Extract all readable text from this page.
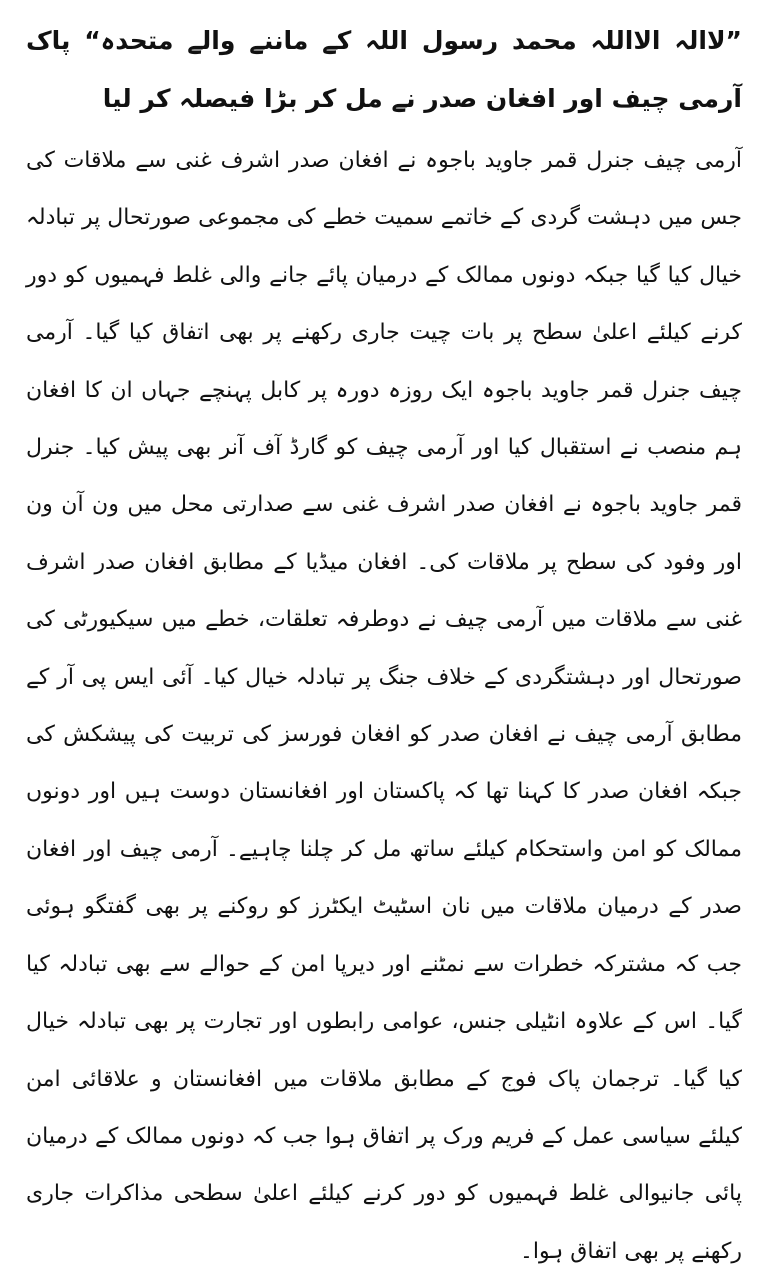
”لاالہ الااللہ محمد رسول اللہ کے ماننے والے متحدہ“ پاک آرمی چیف اور افغان صدر نے مل کر بڑا فیصلہ کر لیا

آرمی چیف جنرل قمر جاوید باجوہ نے افغان صدر اشرف غنی سے ملاقات کی جس میں دہشت گردی کے خاتمے سمیت خطے کی مجموعی صورتحال پر تبادلہ خیال کیا گیا جبکہ دونوں ممالک کے درمیان پائے جانے والی غلط فہمیوں کو دور کرنے کیلئے اعلیٰ سطح پر بات چیت جاری رکھنے پر بھی اتفاق کیا گیا۔ آرمی چیف جنرل قمر جاوید باجوہ ایک روزہ دورہ پر کابل پہنچے جہاں ان کا افغان ہم منصب نے استقبال کیا اور آرمی چیف کو گارڈ آف آنر بھی پیش کیا۔ جنرل قمر جاوید باجوہ نے افغان صدر اشرف غنی سے صدارتی محل میں ون آن ون اور وفود کی سطح پر ملاقات کی۔ افغان میڈیا کے مطابق افغان صدر اشرف غنی سے ملاقات میں آرمی چیف نے دوطرفہ تعلقات، خطے میں سیکیورٹی کی صورتحال اور دہشتگردی کے خلاف جنگ پر تبادلہ خیال کیا۔ آئی ایس پی آر کے مطابق آرمی چیف نے افغان صدر کو افغان فورسز کی تربیت کی پیشکش کی جبکہ افغان صدر کا کہنا تھا کہ پاکستان اور افغانستان دوست ہیں اور دونوں ممالک کو امن واستحکام کیلئے ساتھ مل کر چلنا چاہیے۔ آرمی چیف اور افغان صدر کے درمیان ملاقات میں نان اسٹیٹ ایکٹرز کو روکنے پر بھی گفتگو ہوئی جب کہ مشترکہ خطرات سے نمٹنے اور دیرپا امن کے حوالے سے بھی تبادلہ کیا گیا۔ اس کے علاوہ انٹیلی جنس، عوامی رابطوں اور تجارت پر بھی تبادلہ خیال کیا گیا۔ ترجمان پاک فوج کے مطابق ملاقات میں افغانستان و علاقائی امن کیلئے سیاسی عمل کے فریم ورک پر اتفاق ہوا جب کہ دونوں ممالک کے درمیان پائی جانیوالی غلط فہمیوں کو دور کرنے کیلئے اعلیٰ سطحی مذاکرات جاری رکھنے پر بھی اتفاق ہوا۔
